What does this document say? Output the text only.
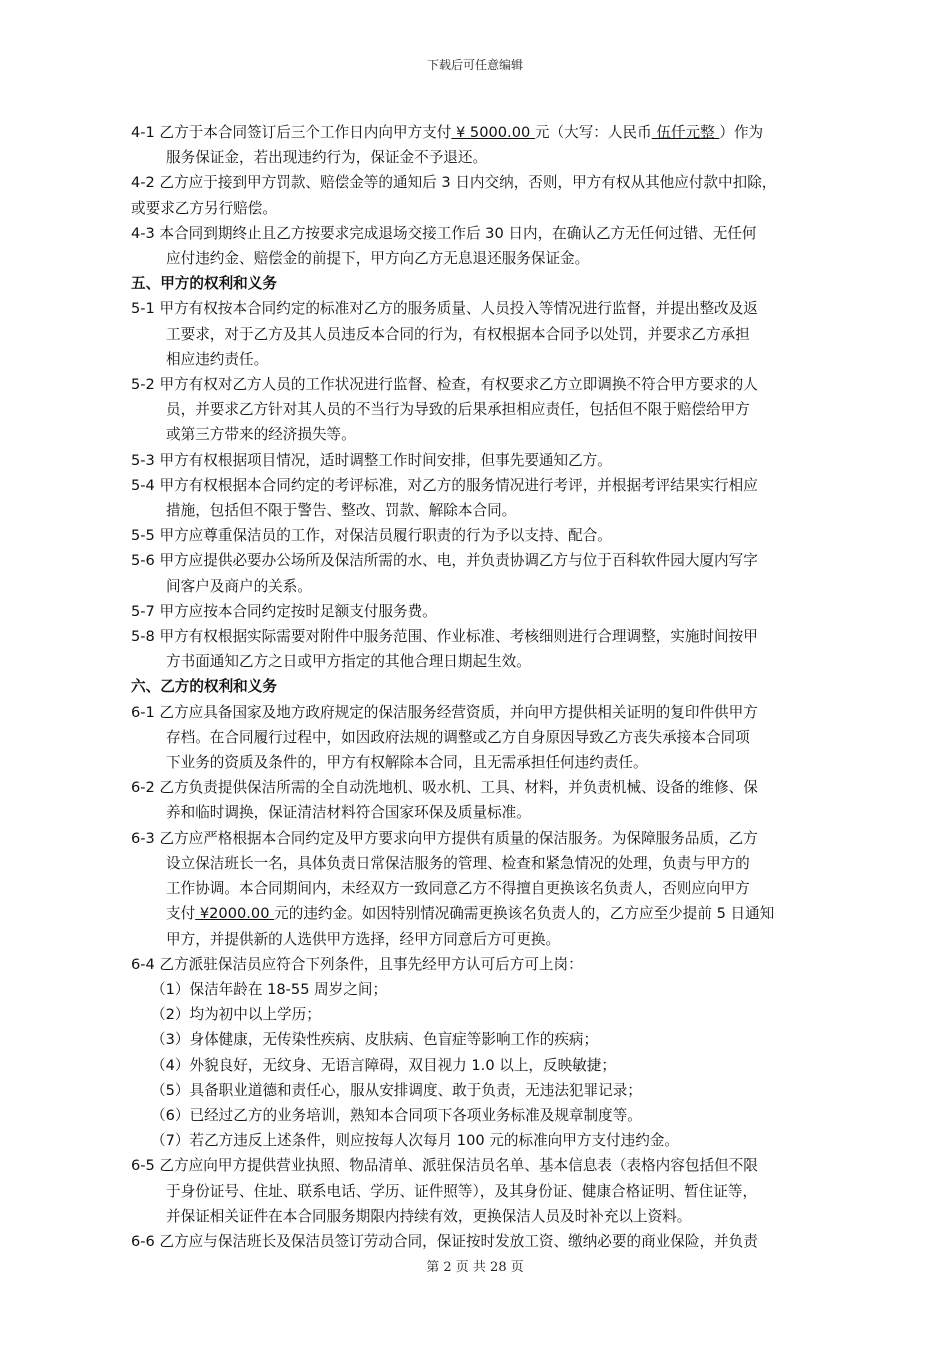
下载后可任意编辑
4-1 乙方于本合同签订后三个工作日内向甲方支付 ¥ 5000.00 元（大写：人民币 伍仟元整 ）作为
服务保证金，若出现违约行为，保证金不予退还。
4-2 乙方应于接到甲方罚款、赔偿金等的通知后 3 日内交纳，否则，甲方有权从其他应付款中扣除，
或要求乙方另行赔偿。
4-3 本合同到期终止且乙方按要求完成退场交接工作后 30 日内，在确认乙方无任何过错、无任何
应付违约金、赔偿金的前提下，甲方向乙方无息退还服务保证金。
五、甲方的权利和义务
5-1 甲方有权按本合同约定的标准对乙方的服务质量、人员投入等情况进行监督，并提出整改及返
工要求，对于乙方及其人员违反本合同的行为，有权根据本合同予以处罚，并要求乙方承担
相应违约责任。
5-2 甲方有权对乙方人员的工作状况进行监督、检查，有权要求乙方立即调换不符合甲方要求的人
员，并要求乙方针对其人员的不当行为导致的后果承担相应责任，包括但不限于赔偿给甲方
或第三方带来的经济损失等。
5-3 甲方有权根据项目情况，适时调整工作时间安排，但事先要通知乙方。
5-4 甲方有权根据本合同约定的考评标准，对乙方的服务情况进行考评，并根据考评结果实行相应
措施，包括但不限于警告、整改、罚款、解除本合同。
5-5 甲方应尊重保洁员的工作，对保洁员履行职责的行为予以支持、配合。
5-6 甲方应提供必要办公场所及保洁所需的水、电，并负责协调乙方与位于百科软件园大厦内写字
间客户及商户的关系。
5-7 甲方应按本合同约定按时足额支付服务费。
5-8 甲方有权根据实际需要对附件中服务范围、作业标准、考核细则进行合理调整，实施时间按甲
方书面通知乙方之日或甲方指定的其他合理日期起生效。
六、乙方的权利和义务
6-1 乙方应具备国家及地方政府规定的保洁服务经营资质，并向甲方提供相关证明的复印件供甲方
存档。在合同履行过程中，如因政府法规的调整或乙方自身原因导致乙方丧失承接本合同项
下业务的资质及条件的，甲方有权解除本合同，且无需承担任何违约责任。
6-2 乙方负责提供保洁所需的全自动洗地机、吸水机、工具、材料，并负责机械、设备的维修、保
养和临时调换，保证清洁材料符合国家环保及质量标准。
6-3 乙方应严格根据本合同约定及甲方要求向甲方提供有质量的保洁服务。为保障服务品质，乙方
设立保洁班长一名，具体负责日常保洁服务的管理、检查和紧急情况的处理，负责与甲方的
工作协调。本合同期间内，未经双方一致同意乙方不得擅自更换该名负责人，否则应向甲方
支付 ¥2000.00 元的违约金。如因特别情况确需更换该名负责人的，乙方应至少提前 5 日通知
甲方，并提供新的人选供甲方选择，经甲方同意后方可更换。
6-4 乙方派驻保洁员应符合下列条件，且事先经甲方认可后方可上岗：
（1）保洁年龄在 18-55 周岁之间；
（2）均为初中以上学历；
（3）身体健康，无传染性疾病、皮肤病、色盲症等影响工作的疾病；
（4）外貌良好，无纹身、无语言障碍，双目视力 1.0 以上，反映敏捷；
（5）具备职业道德和责任心，服从安排调度、敢于负责，无违法犯罪记录；
（6）已经过乙方的业务培训，熟知本合同项下各项业务标准及规章制度等。
（7）若乙方违反上述条件，则应按每人次每月 100 元的标准向甲方支付违约金。
6-5 乙方应向甲方提供营业执照、物品清单、派驻保洁员名单、基本信息表（表格内容包括但不限
于身份证号、住址、联系电话、学历、证件照等），及其身份证、健康合格证明、暂住证等，
并保证相关证件在本合同服务期限内持续有效，更换保洁人员及时补充以上资料。
6-6 乙方应与保洁班长及保洁员签订劳动合同，保证按时发放工资、缴纳必要的商业保险，并负责
第 2 页 共 28 页
